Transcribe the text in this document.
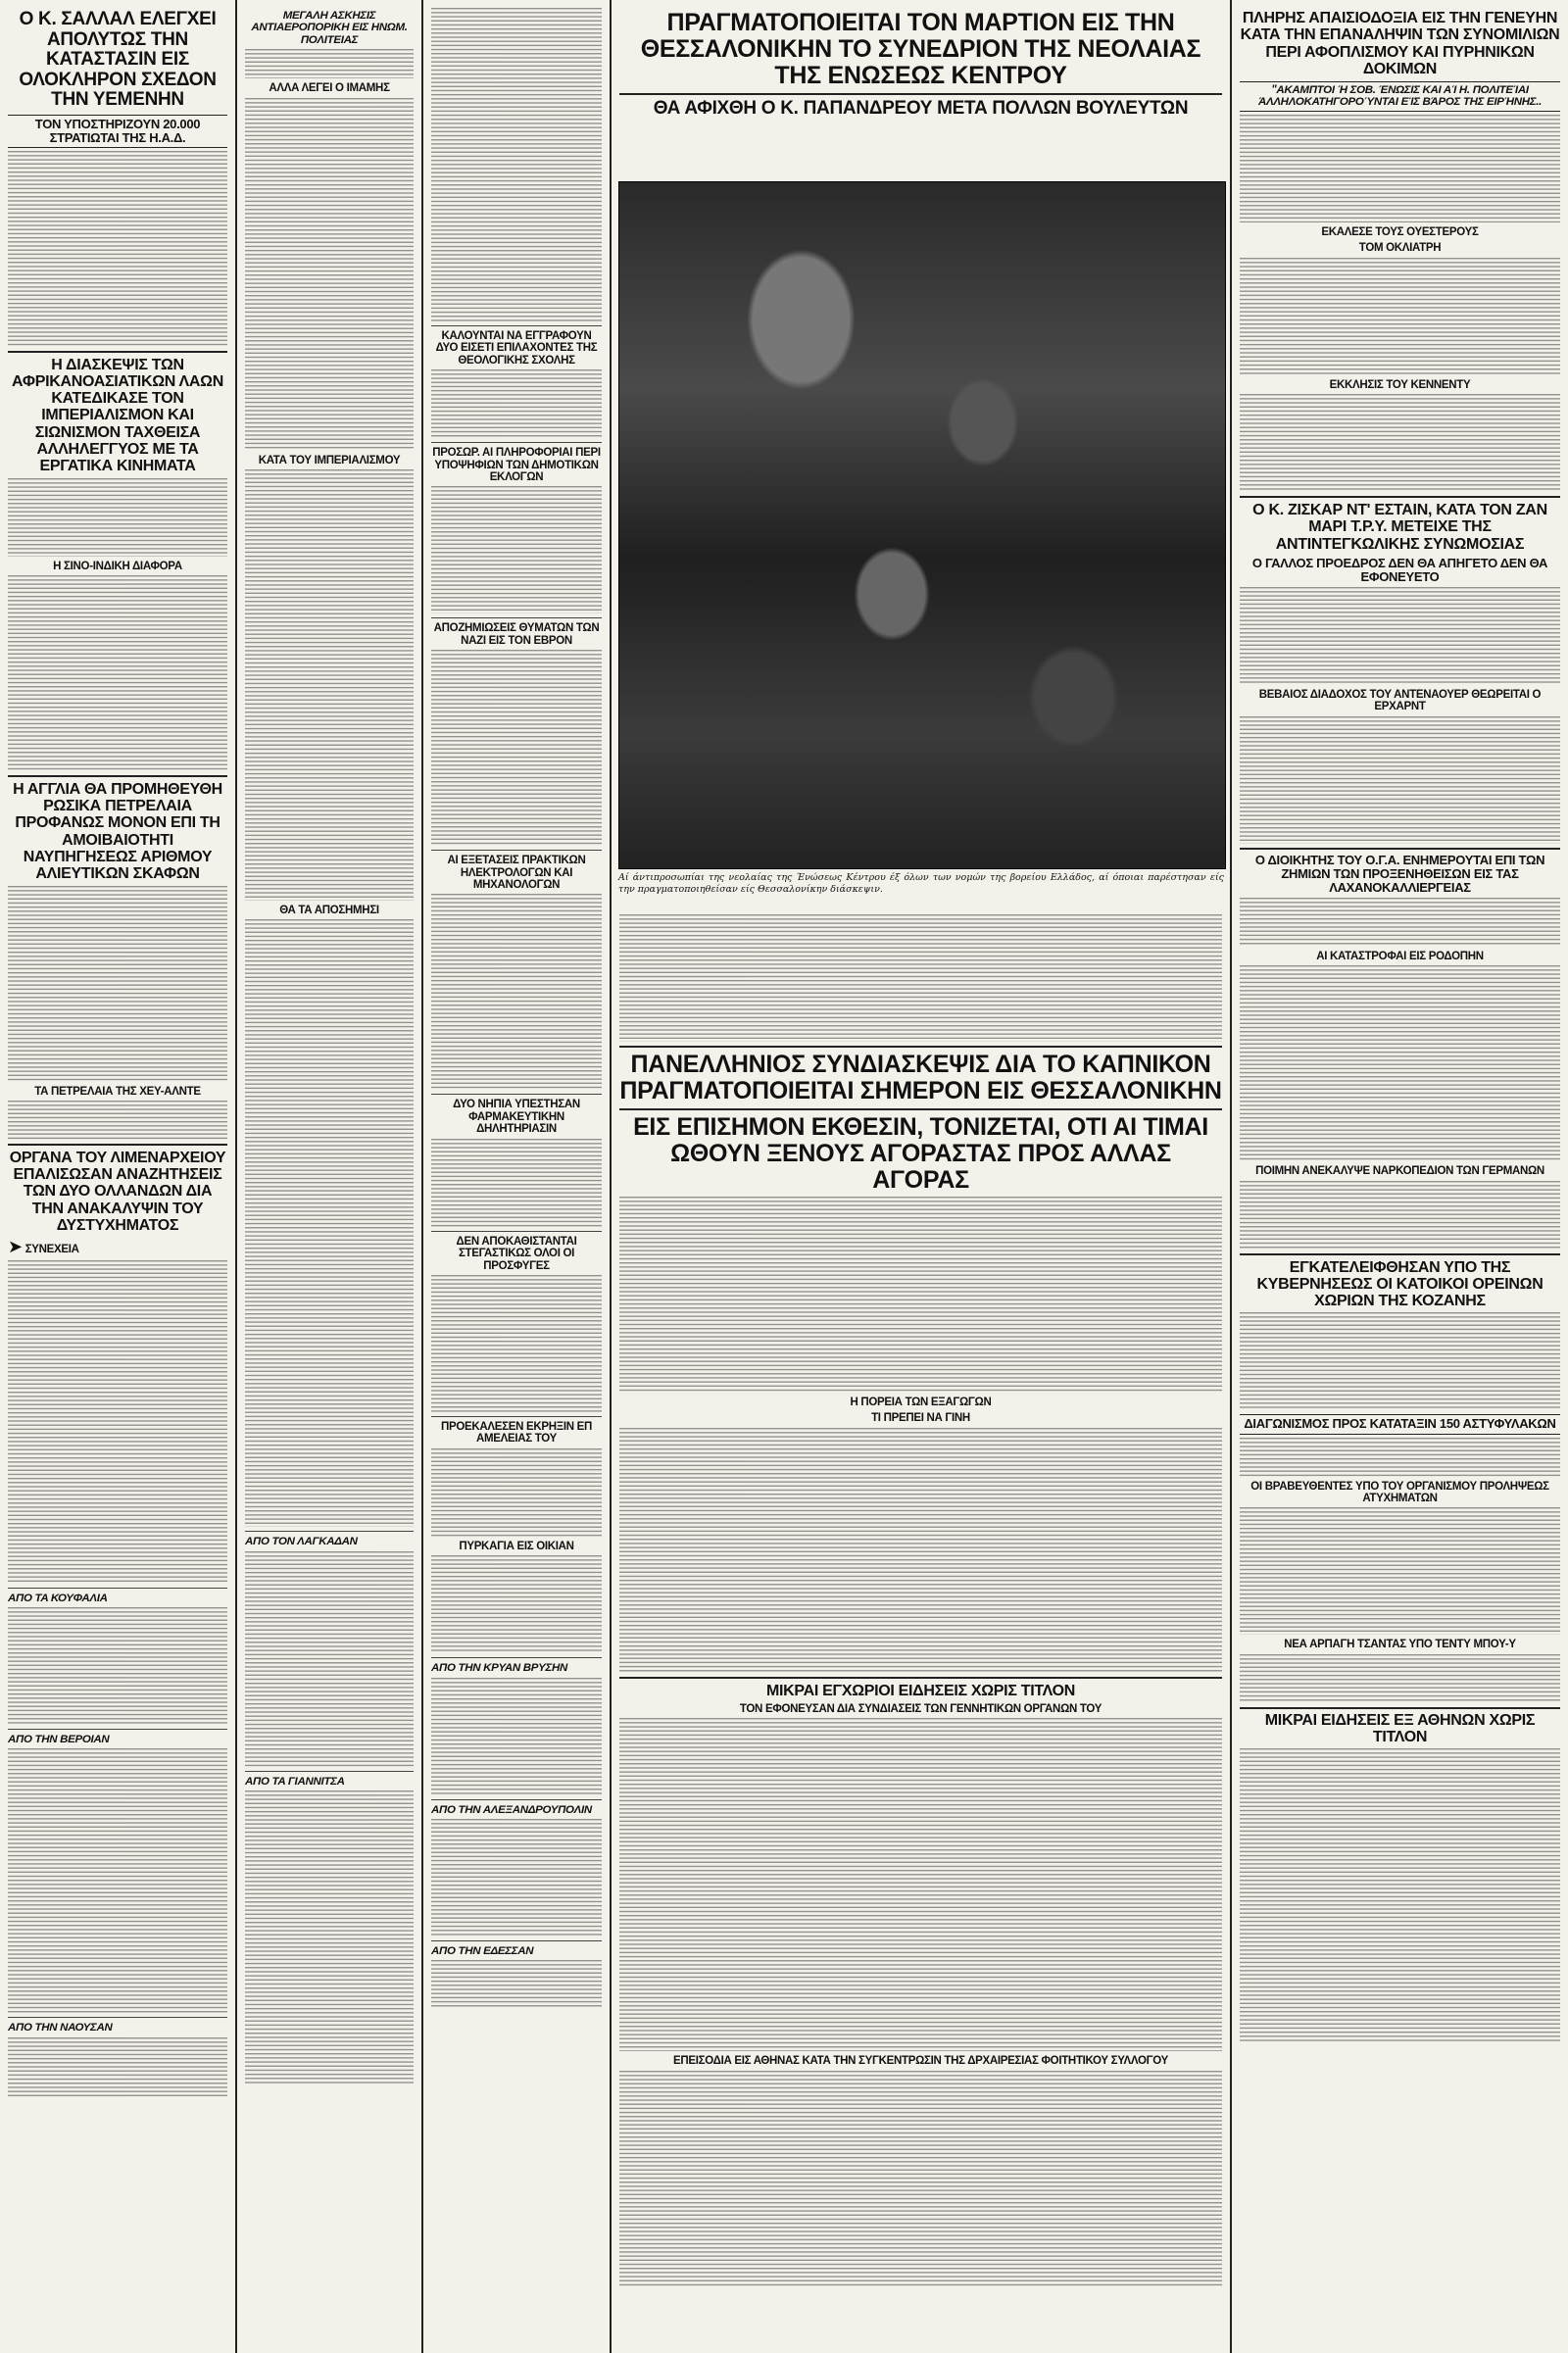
Ο Κ. ΣΑΛΛΑΛ ΕΛΕΓΧΕΙ ΑΠΟΛΥΤΩΣ ΤΗΝ ΚΑΤΑΣΤΑΣΙΝ ΕΙΣ ΟΛΟΚΛΗΡΟΝ ΣΧΕΔΟΝ ΤΗΝ ΥΕΜΕΝΗΝ
ΤΟΝ ΥΠΟΣΤΗΡΙΖΟΥΝ 20.000 ΣΤΡΑΤΙΩΤΑΙ ΤΗΣ Η.Α.Δ.
Η ΔΙΑΣΚΕΨΙΣ ΤΩΝ ΑΦΡΙΚΑΝΟΑΣΙΑΤΙΚΩΝ ΛΑΩΝ ΚΑΤΕΔΙΚΑΣΕ ΤΟΝ ΙΜΠΕΡΙΑΛΙΣΜΟΝ ΚΑΙ ΣΙΩΝΙΣΜΟΝ ΤΑΧΘΕΙΣΑ ΑΛΛΗΛΕΓΓΥΟΣ ΜΕ ΤΑ ΕΡΓΑΤΙΚΑ ΚΙΝΗΜΑΤΑ
Η ΣΙΝΟ-ΙΝΔΙΚΗ ΔΙΑΦΟΡΑ
Η ΑΓΓΛΙΑ ΘΑ ΠΡΟΜΗΘΕΥΘΗ ΡΩΣΙΚΑ ΠΕΤΡΕΛΑΙΑ ΠΡΟΦΑΝΩΣ ΜΟΝΟΝ ΕΠΙ ΤΗ ΑΜΟΙΒΑΙΟΤΗΤΙ ΝΑΥΠΗΓΗΣΕΩΣ ΑΡΙΘΜΟΥ ΑΛΙΕΥΤΙΚΩΝ ΣΚΑΦΩΝ
ΤΑ ΠΕΤΡΕΛΑΙΑ ΤΗΣ ΧΕΥ-ΑΛΝΤΕ
ΟΡΓΑΝΑ ΤΟΥ ΛΙΜΕΝΑΡΧΕΙΟΥ ΕΠΑΛΙΣΩΣΑΝ ΑΝΑΖΗΤΗΣΕΙΣ ΤΩΝ ΔΥΟ ΟΛΛΑΝΔΩΝ ΔΙΑ ΤΗΝ ΑΝΑΚΑΛΥΨΙΝ ΤΟΥ ΔΥΣΤΥΧΗΜΑΤΟΣ
➤ ΣΥΝΕΧΕΙΑ
ΑΠΟ ΤΑ ΚΟΥΦΑΛΙΑ
ΑΠΟ ΤΗΝ ΒΕΡΟΙΑΝ
ΑΠΟ ΤΗΝ ΝΑΟΥΣΑΝ
ΜΕΓΑΛΗ ΑΣΚΗΣΙΣ ΑΝΤΙΑΕΡΟΠΟΡΙΚΗ ΕΙΣ ΗΝΩΜ. ΠΟΛΙΤΕΙΑΣ
ΑΛΛΑ ΛΕΓΕΙ Ο ΙΜΑΜΗΣ
ΚΑΤΑ ΤΟΥ ΙΜΠΕΡΙΑΛΙΣΜΟΥ
ΘΑ ΤΑ ΑΠΟΣΗΜΗΣΙ
ΑΠΟ ΤΟΝ ΛΑΓΚΑΔΑΝ
ΑΠΟ ΤΑ ΓΙΑΝΝΙΤΣΑ
ΚΑΛΟΥΝΤΑΙ ΝΑ ΕΓΓΡΑΦΟΥΝ ΔΥΟ ΕΙΣΕΤΙ ΕΠΙΛΑΧΟΝΤΕΣ ΤΗΣ ΘΕΟΛΟΓΙΚΗΣ ΣΧΟΛΗΣ
ΠΡΟΣΩΡ. ΑΙ ΠΛΗΡΟΦΟΡΙΑΙ ΠΕΡΙ ΥΠΟΨΗΦΙΩΝ ΤΩΝ ΔΗΜΟΤΙΚΩΝ ΕΚΛΟΓΩΝ
ΑΠΟΖΗΜΙΩΣΕΙΣ ΘΥΜΑΤΩΝ ΤΩΝ ΝΑΖΙ ΕΙΣ ΤΟΝ ΕΒΡΟΝ
ΑΙ ΕΞΕΤΑΣΕΙΣ ΠΡΑΚΤΙΚΩΝ ΗΛΕΚΤΡΟΛΟΓΩΝ ΚΑΙ ΜΗΧΑΝΟΛΟΓΩΝ
ΔΥΟ ΝΗΠΙΑ ΥΠΕΣΤΗΣΑΝ ΦΑΡΜΑΚΕΥΤΙΚΗΝ ΔΗΛΗΤΗΡΙΑΣΙΝ
ΔΕΝ ΑΠΟΚΑΘΙΣΤΑΝΤΑΙ ΣΤΕΓΑΣΤΙΚΩΣ ΟΛΟΙ ΟΙ ΠΡΟΣΦΥΓΕΣ
ΠΡΟΕΚΑΛΕΣΕΝ ΕΚΡΗΞΙΝ ΕΠ ΑΜΕΛΕΙΑΣ ΤΟΥ
ΠΥΡΚΑΓΙΑ ΕΙΣ ΟΙΚΙΑΝ
ΑΠΟ ΤΗΝ ΚΡΥΑΝ ΒΡΥΣΗΝ
ΑΠΟ ΤΗΝ ΑΛΕΞΑΝΔΡΟΥΠΟΛΙΝ
ΑΠΟ ΤΗΝ ΕΔΕΣΣΑΝ
ΠΡΑΓΜΑΤΟΠΟΙΕΙΤΑΙ ΤΟΝ ΜΑΡΤΙΟΝ ΕΙΣ ΤΗΝ ΘΕΣΣΑΛΟΝΙΚΗΝ ΤΟ ΣΥΝΕΔΡΙΟΝ ΤΗΣ ΝΕΟΛΑΙΑΣ ΤΗΣ ΕΝΩΣΕΩΣ ΚΕΝΤΡΟΥ
ΘΑ ΑΦΙΧΘΗ Ο Κ. ΠΑΠΑΝΔΡΕΟΥ ΜΕΤΑ ΠΟΛΛΩΝ ΒΟΥΛΕΥΤΩΝ
Αί άντιπροσωπίαι της νεολαίας της Ένώσεως Κέντρου έξ όλων των νομών της βορείου Ελλάδος, αί όποιαι παρέστησαν είς την πραγματοποιηθείσαν είς Θεσσαλονίκην διάσκεψιν.
ΠΑΝΕΛΛΗΝΙΟΣ ΣΥΝΔΙΑΣΚΕΨΙΣ ΔΙΑ ΤΟ ΚΑΠΝΙΚΟΝ ΠΡΑΓΜΑΤΟΠΟΙΕΙΤΑΙ ΣΗΜΕΡΟΝ ΕΙΣ ΘΕΣΣΑΛΟΝΙΚΗΝ
ΕΙΣ ΕΠΙΣΗΜΟΝ ΕΚΘΕΣΙΝ, ΤΟΝΙΖΕΤΑΙ, ΟΤΙ ΑΙ ΤΙΜΑΙ ΩΘΟΥΝ ΞΕΝΟΥΣ ΑΓΟΡΑΣΤΑΣ ΠΡΟΣ ΑΛΛΑΣ ΑΓΟΡΑΣ
Η ΠΟΡΕΙΑ ΤΩΝ ΕΞΑΓΩΓΩΝ
ΤΙ ΠΡΕΠΕΙ ΝΑ ΓΙΝΗ
ΜΙΚΡΑΙ ΕΓΧΩΡΙΟΙ ΕΙΔΗΣΕΙΣ ΧΩΡΙΣ ΤΙΤΛΟΝ
ΤΟΝ ΕΦΟΝΕΥΣΑΝ ΔΙΑ ΣΥΝΔΙΑΣΕΙΣ ΤΩΝ ΓΕΝΝΗΤΙΚΩΝ ΟΡΓΑΝΩΝ ΤΟΥ
ΕΠΕΙΣΟΔΙΑ ΕΙΣ ΑΘΗΝΑΣ ΚΑΤΑ ΤΗΝ ΣΥΓΚΕΝΤΡΩΣΙΝ ΤΗΣ ΔΡΧΑΙΡΕΣΙΑΣ ΦΟΙΤΗΤΙΚΟΥ ΣΥΛΛΟΓΟΥ
ΠΛΗΡΗΣ ΑΠΑΙΣΙΟΔΟΞΙΑ ΕΙΣ ΤΗΝ ΓΕΝΕΥΗΝ ΚΑΤΑ ΤΗΝ ΕΠΑΝΑΛΗΨΙΝ ΤΩΝ ΣΥΝΟΜΙΛΙΩΝ ΠΕΡΙ ΑΦΟΠΛΙΣΜΟΥ ΚΑΙ ΠΥΡΗΝΙΚΩΝ ΔΟΚΙΜΩΝ
"ΑΚΑΜΠΤΟΙ Ή ΣΟΒ. ΈΝΩΣΙΣ ΚΑΙ ΑΊ Η. ΠΟΛΙΤΕΊΑΙ ΆΛΛΗΛΟΚΑΤΗΓΟΡΟΎΝΤΑΙ ΕΊΣ ΒΆΡΟΣ ΤΗΣ ΕΙΡΉΝΗΣ..
ΕΚΑΛΕΣΕ ΤΟΥΣ ΟΥΕΣΤΕΡΟΥΣ
ΤΟΜ ΟΚΛΙΑΤΡΗ
ΕΚΚΛΗΣΙΣ ΤΟΥ ΚΕΝΝΕΝΤΥ
Ο Κ. ΖΙΣΚΑΡ ΝΤ' ΕΣΤΑΙΝ, ΚΑΤΑ ΤΟΝ ΖΑΝ ΜΑΡΙ Τ.Ρ.Υ. ΜΕΤΕΙΧΕ ΤΗΣ ΑΝΤΙΝΤΕΓΚΩΛΙΚΗΣ ΣΥΝΩΜΟΣΙΑΣ
Ο ΓΑΛΛΟΣ ΠΡΟΕΔΡΟΣ ΔΕΝ ΘΑ ΑΠΗΓΕΤΟ ΔΕΝ ΘΑ ΕΦΟΝΕΥΕΤΟ
ΒΕΒΑΙΟΣ ΔΙΑΔΟΧΟΣ ΤΟΥ ΑΝΤΕΝΑΟΥΕΡ ΘΕΩΡΕΙΤΑΙ Ο ΕΡΧΑΡΝΤ
Ο ΔΙΟΙΚΗΤΗΣ ΤΟΥ Ο.Γ.Α. ΕΝΗΜΕΡΟΥΤΑΙ ΕΠΙ ΤΩΝ ΖΗΜΙΩΝ ΤΩΝ ΠΡΟΞΕΝΗΘΕΙΣΩΝ ΕΙΣ ΤΑΣ ΛΑΧΑΝΟΚΑΛΛΙΕΡΓΕΙΑΣ
ΑΙ ΚΑΤΑΣΤΡΟΦΑΙ ΕΙΣ ΡΟΔΟΠΗΝ
ΠΟΙΜΗΝ ΑΝΕΚΑΛΥΨΕ ΝΑΡΚΟΠΕΔΙΟΝ ΤΩΝ ΓΕΡΜΑΝΩΝ
ΕΓΚΑΤΕΛΕΙΦΘΗΣΑΝ ΥΠΟ ΤΗΣ ΚΥΒΕΡΝΗΣΕΩΣ ΟΙ ΚΑΤΟΙΚΟΙ ΟΡΕΙΝΩΝ ΧΩΡΙΩΝ ΤΗΣ ΚΟΖΑΝΗΣ
ΔΙΑΓΩΝΙΣΜΟΣ ΠΡΟΣ ΚΑΤΑΤΑΞΙΝ 150 ΑΣΤΥΦΥΛΑΚΩΝ
ΟΙ ΒΡΑΒΕΥΘΕΝΤΕΣ ΥΠΟ ΤΟΥ ΟΡΓΑΝΙΣΜΟΥ ΠΡΟΛΗΨΕΩΣ ΑΤΥΧΗΜΑΤΩΝ
ΝΕΑ ΑΡΠΑΓΗ ΤΣΑΝΤΑΣ ΥΠΟ ΤΕΝΤΥ ΜΠΟΥ-Υ
ΜΙΚΡΑΙ ΕΙΔΗΣΕΙΣ ΕΞ ΑΘΗΝΩΝ ΧΩΡΙΣ ΤΙΤΛΟΝ
